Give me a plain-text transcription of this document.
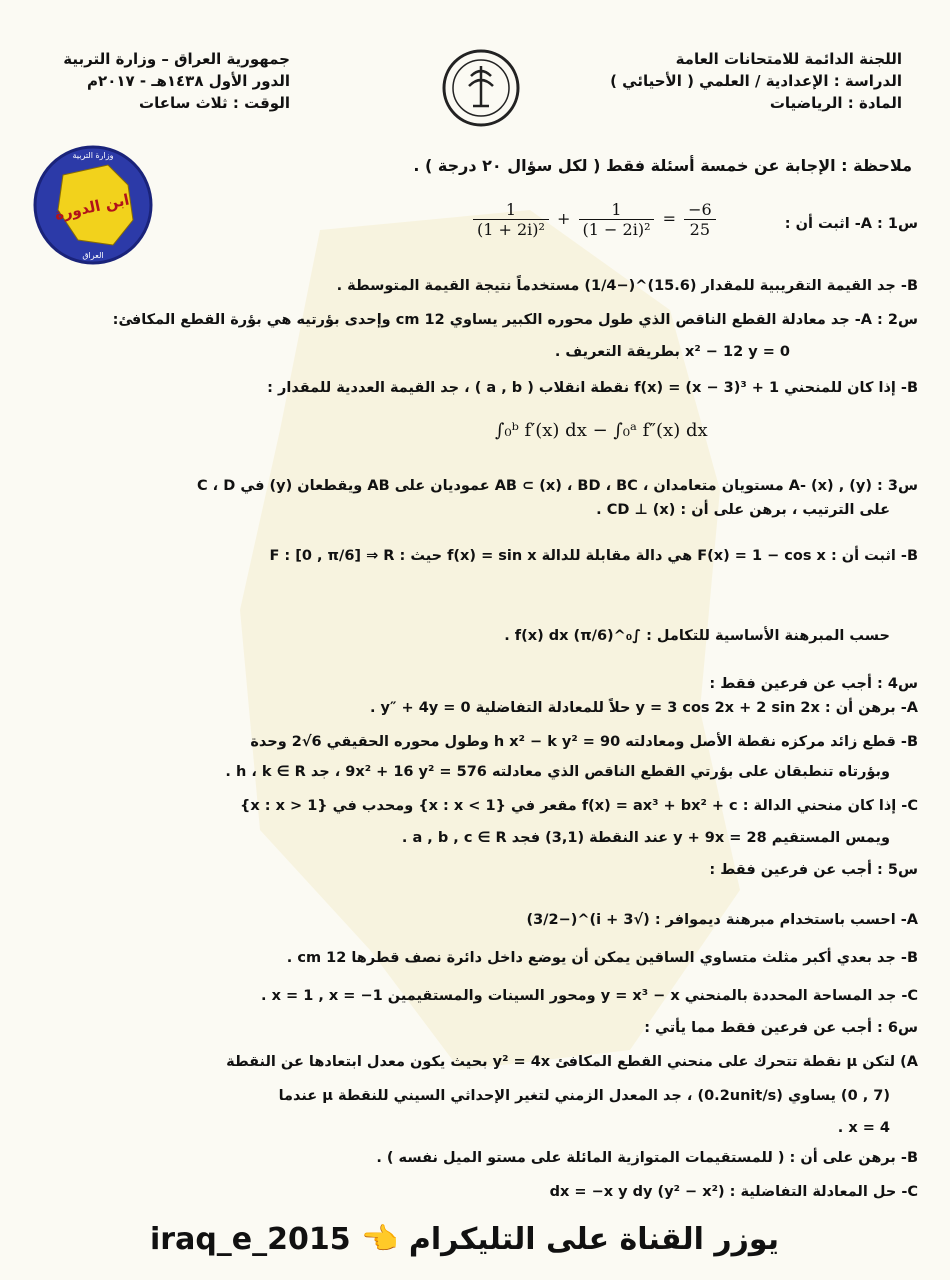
اللجنة الدائمة للامتحانات العامة
الدراسة : الإعدادية / العلمي ( الأحيائي )
المادة : الرياضيات
جمهورية العراق – وزارة التربية
الدور الأول ١٤٣٨هـ - ٢٠١٧م
الوقت : ثلاث ساعات
ابن الدورة
وزارة التربية
العراق
ملاحظة : الإجابة عن خمسة أسئلة فقط ( لكل سؤال ٢٠ درجة ) .
س1 : A- اثبت أن :
$\frac{1}{\text{(1 + 2i)²}} + \frac{1}{\text{(1 − 2i)²}} = \frac{-6}{25}$
B- جد القيمة التقريبية للمقدار (15.6)^(−1/4) مستخدماً نتيجة القيمة المتوسطة .
س2 : A- جد معادلة القطع الناقص الذي طول محوره الكبير يساوي 12 cm وإحدى بؤرتيه هي بؤرة القطع المكافئ:
x² − 12 y = 0 بطريقة التعريف .
B- إذا كان للمنحني f(x) = (x − 3)³ + 1 نقطة انقلاب ( a , b ) ، جد القيمة العددية للمقدار :
∫₀ᵇ f′(x) dx − ∫₀ᵃ f″(x) dx
س3 : A- (x) , (y) مستويان متعامدان ، AB ⊂ (x) ، BD ، BC عموديان على AB ويقطعان (y) في C ، D
على الترتيب ، برهن على أن : CD ⊥ (x) .
B- اثبت أن : F(x) = 1 − cos x هي دالة مقابلة للدالة f(x) = sin x حيث : F : [0 , π/6] ⇒ R
حسب المبرهنة الأساسية للتكامل : ∫₀^(π/6) f(x) dx .
س4 : أجب عن فرعين فقط :
A- برهن أن : y = 3 cos 2x + 2 sin 2x حلاً للمعادلة التفاضلية y″ + 4y = 0 .
B- قطع زائد مركزه نقطة الأصل ومعادلته h x² − k y² = 90 وطول محوره الحقيقي 6√2 وحدة
وبؤرتاه تنطبقان على بؤرتي القطع الناقص الذي معادلته 9x² + 16 y² = 576 ، جد h ، k ∈ R .
C- إذا كان منحني الدالة : f(x) = ax³ + bx² + c مقعر في {x : x < 1} ومحدب في {x : x > 1}
ويمس المستقيم y + 9x = 28 عند النقطة (3,1) فجد a , b , c ∈ R .
س5 : أجب عن فرعين فقط :
A- احسب باستخدام مبرهنة ديموافر : (√3 + i)^(−3/2)
B- جد بعدي أكبر مثلث متساوي الساقين يمكن أن يوضع داخل دائرة نصف قطرها 12 cm .
C- جد المساحة المحددة بالمنحني y = x³ − x ومحور السينات والمستقيمين x = 1 , x = −1 .
س6 : أجب عن فرعين فقط مما يأتي :
A) لتكن μ نقطة تتحرك على منحني القطع المكافئ y² = 4x بحيث يكون معدل ابتعادها عن النقطة
(7 , 0) يساوي (0.2unit/s) ، جد المعدل الزمني لتغير الإحداثي السيني للنقطة μ عندما
x = 4 .
B- برهن على أن : ( للمستقيمات المتوازية المائلة على مستو الميل نفسه ) .
C- حل المعادلة التفاضلية : (y² − x²) dx = −x y dy
يوزر القناة على التليكرام 👈 iraq_e_2015
